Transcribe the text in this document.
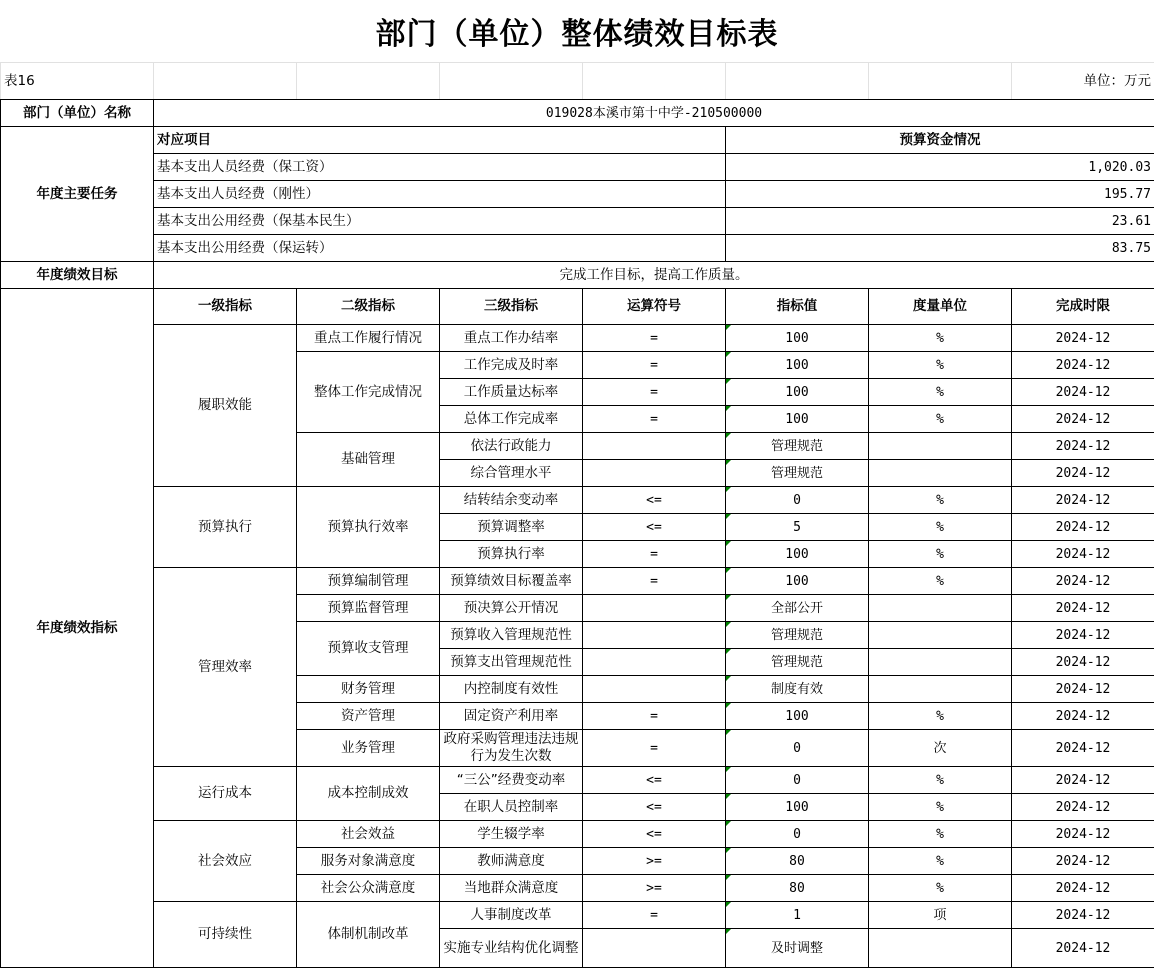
部门（单位）整体绩效目标表
表16							单位：万元
部门（单位）名称	019028本溪市第十中学-210500000						
年度主要任务	对应项目				预算资金情况		
	基本支出人员经费（保工资）				1,020.03		
	基本支出人员经费（刚性）				195.77		
	基本支出公用经费（保基本民生）				23.61		
	基本支出公用经费（保运转）				83.75		
年度绩效目标	完成工作目标，提高工作质量。						
年度绩效指标	一级指标	二级指标	三级指标	运算符号	指标值	度量单位	完成时限
	履职效能	重点工作履行情况	重点工作办结率	=	100	%	2024-12
		整体工作完成情况	工作完成及时率	=	100	%	2024-12
			工作质量达标率	=	100	%	2024-12
			总体工作完成率	=	100	%	2024-12
		基础管理	依法行政能力		管理规范		2024-12
			综合管理水平		管理规范		2024-12
	预算执行	预算执行效率	结转结余变动率	<=	0	%	2024-12
			预算调整率	<=	5	%	2024-12
			预算执行率	=	100	%	2024-12
	管理效率	预算编制管理	预算绩效目标覆盖率	=	100	%	2024-12
		预算监督管理	预决算公开情况		全部公开		2024-12
		预算收支管理	预算收入管理规范性		管理规范		2024-12
			预算支出管理规范性		管理规范		2024-12
		财务管理	内控制度有效性		制度有效		2024-12
		资产管理	固定资产利用率	=	100	%	2024-12
		业务管理	政府采购管理违法违规行为发生次数	=	0	次	2024-12
	运行成本	成本控制成效	“三公”经费变动率	<=	0	%	2024-12
			在职人员控制率	<=	100	%	2024-12
	社会效应	社会效益	学生辍学率	<=	0	%	2024-12
		服务对象满意度	教师满意度	>=	80	%	2024-12
		社会公众满意度	当地群众满意度	>=	80	%	2024-12
	可持续性	体制机制改革	人事制度改革	=	1	项	2024-12
			实施专业结构优化调整		及时调整		2024-12
